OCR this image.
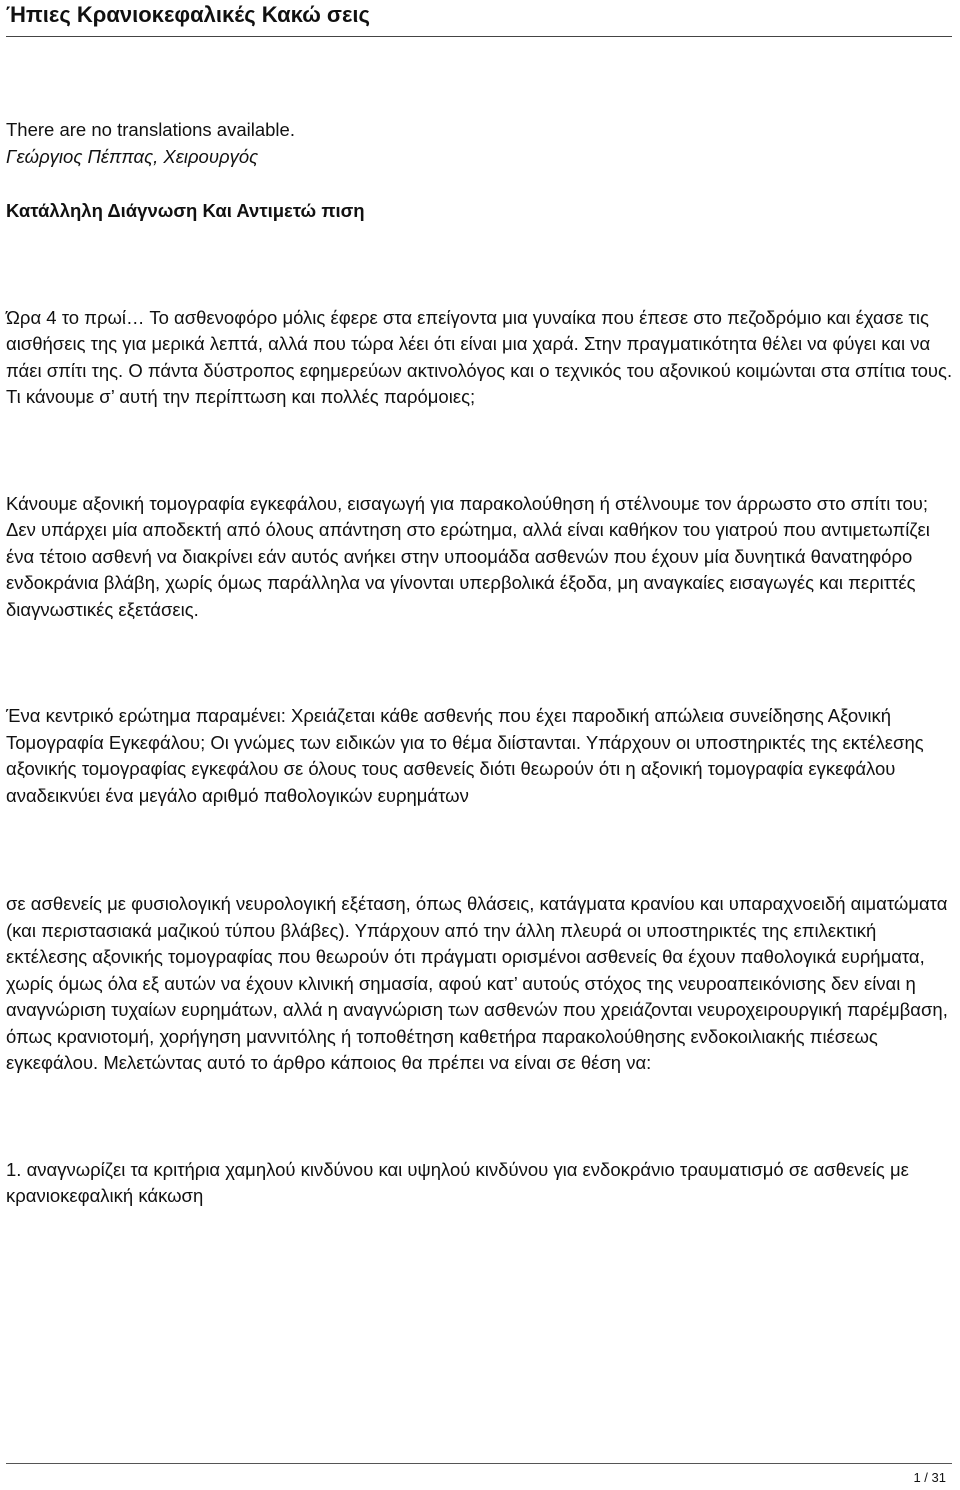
Ήπιες Κρανιοκεφαλικές Κακώ σεις

There are no translations available.

Γεώργιος Πέππας, Χειρουργός

Κατάλληλη Διάγνωση Και Αντιμετώ πιση

Ώρα 4 το πρωί… Το ασθενοφόρο μόλις έφερε στα επείγοντα μια γυναίκα που έπεσε στο πεζοδρόμιο και έχασε τις αισθήσεις της για μερικά λεπτά, αλλά που τώρα λέει ότι είναι μια χαρά. Στην πραγματικότητα θέλει να φύγει και να πάει σπίτι της. Ο πάντα δύστροπος εφημερεύων ακτινολόγος και ο τεχνικός του αξονικού κοιμώνται στα σπίτια τους. Τι κάνουμε σ’ αυτή την περίπτωση και πολλές παρόμοιες;

Κάνουμε αξονική τομογραφία εγκεφάλου, εισαγωγή για παρακολούθηση ή στέλνουμε τον άρρωστο στο σπίτι του; Δεν υπάρχει μία αποδεκτή από όλους απάντηση στο ερώτημα, αλλά είναι καθήκον του γιατρού που αντιμετωπίζει ένα τέτοιο ασθενή να διακρίνει εάν αυτός ανήκει στην υποομάδα ασθενών που έχουν μία δυνητικά θανατηφόρο ενδοκράνια βλάβη, χωρίς όμως παράλληλα να γίνονται υπερβολικά έξοδα, μη αναγκαίες εισαγωγές και περιττές διαγνωστικές εξετάσεις.

Ένα κεντρικό ερώτημα παραμένει: Χρειάζεται κάθε ασθενής που έχει παροδική απώλεια συνείδησης Αξονική Τομογραφία Εγκεφάλου; Οι γνώμες των ειδικών για το θέμα διίστανται. Υπάρχουν οι υποστηρικτές της εκτέλεσης αξονικής τομογραφίας εγκεφάλου σε όλους τους ασθενείς διότι θεωρούν ότι η αξονική τομογραφία εγκεφάλου αναδεικνύει ένα μεγάλο αριθμό παθολογικών ευρημάτων

σε ασθενείς με φυσιολογική νευρολογική εξέταση, όπως θλάσεις, κατάγματα κρανίου και υπαραχνοειδή αιματώματα (και περιστασιακά μαζικού τύπου βλάβες). Υπάρχουν από την άλλη πλευρά οι υποστηρικτές της επιλεκτική εκτέλεσης αξονικής τομογραφίας που θεωρούν ότι πράγματι ορισμένοι ασθενείς θα έχουν παθολογικά ευρήματα, χωρίς όμως όλα εξ αυτών να έχουν κλινική σημασία, αφού κατ’ αυτούς στόχος της νευροαπεικόνισης δεν είναι η αναγνώριση τυχαίων ευρημάτων, αλλά η αναγνώριση των ασθενών που χρειάζονται νευροχειρουργική παρέμβαση, όπως κρανιοτομή, χορήγηση μαννιτόλης ή τοποθέτηση καθετήρα παρακολούθησης ενδοκοιλιακής πιέσεως εγκεφάλου. Μελετώντας αυτό το άρθρο κάποιος θα πρέπει να είναι σε θέση να:

1. αναγνωρίζει τα κριτήρια χαμηλού κινδύνου και υψηλού κινδύνου για ενδοκράνιο τραυματισμό σε ασθενείς με κρανιοκεφαλική κάκωση

1 / 31
